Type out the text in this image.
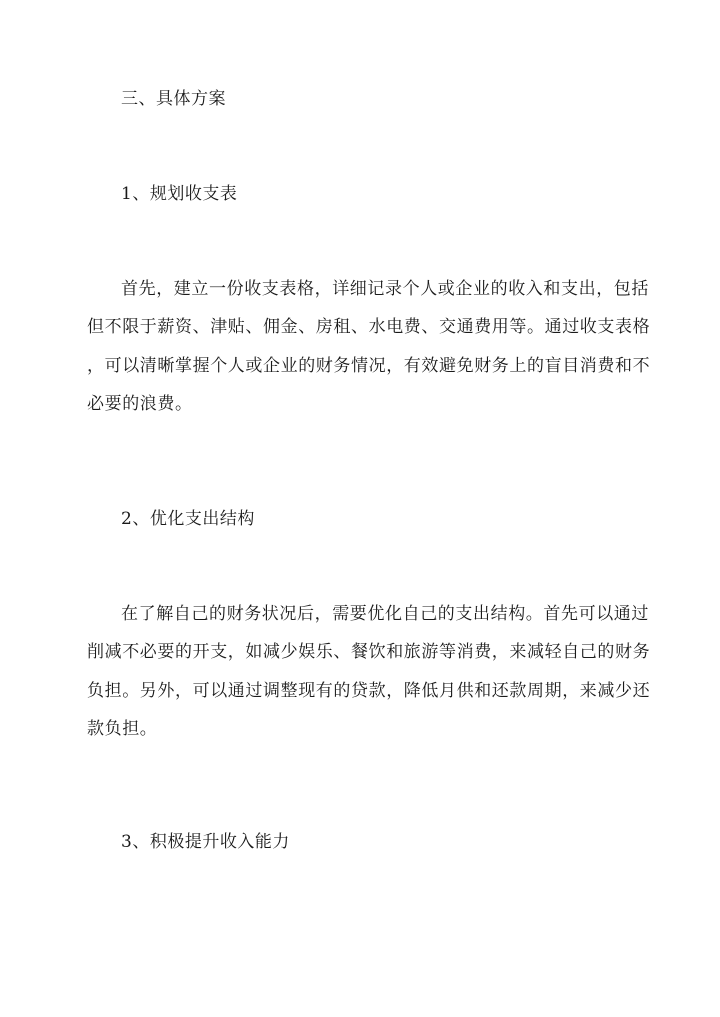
三、具体方案
1、规划收支表
首先，建立一份收支表格，详细记录个人或企业的收入和支出，包括
但不限于薪资、津贴、佣金、房租、水电费、交通费用等。通过收支表格
，可以清晰掌握个人或企业的财务情况，有效避免财务上的盲目消费和不
必要的浪费。
2、优化支出结构
在了解自己的财务状况后，需要优化自己的支出结构。首先可以通过
削减不必要的开支，如减少娱乐、餐饮和旅游等消费，来减轻自己的财务
负担。另外，可以通过调整现有的贷款，降低月供和还款周期，来减少还
款负担。
3、积极提升收入能力
